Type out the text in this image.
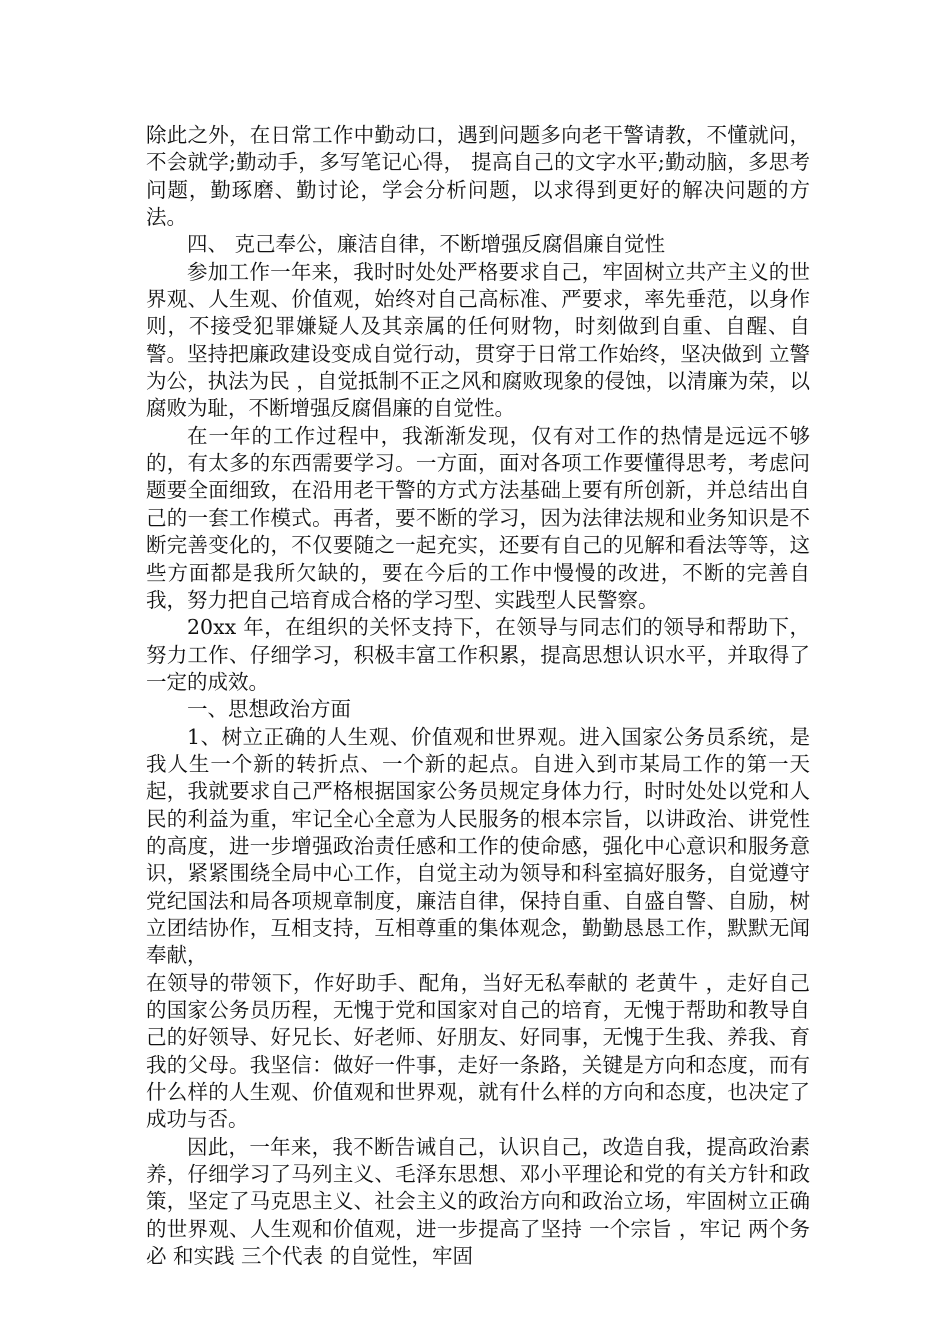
除此之外，在日常工作中勤动口，遇到问题多向老干警请教，不懂就问，不会就学;勤动手，多写笔记心得， 提高自己的文字水平;勤动脑，多思考问题，勤琢磨、勤讨论，学会分析问题，以求得到更好的解决问题的方法。

四、 克己奉公，廉洁自律，不断增强反腐倡廉自觉性

参加工作一年来，我时时处处严格要求自己，牢固树立共产主义的世界观、人生观、价值观，始终对自己高标准、严要求，率先垂范，以身作则，不接受犯罪嫌疑人及其亲属的任何财物，时刻做到自重、自醒、自警。坚持把廉政建设变成自觉行动，贯穿于日常工作始终，坚决做到 立警为公，执法为民 ，自觉抵制不正之风和腐败现象的侵蚀，以清廉为荣，以腐败为耻，不断增强反腐倡廉的自觉性。

在一年的工作过程中，我渐渐发现，仅有对工作的热情是远远不够的，有太多的东西需要学习。一方面，面对各项工作要懂得思考，考虑问题要全面细致，在沿用老干警的方式方法基础上要有所创新，并总结出自己的一套工作模式。再者，要不断的学习，因为法律法规和业务知识是不断完善变化的，不仅要随之一起充实，还要有自己的见解和看法等等，这些方面都是我所欠缺的，要在今后的工作中慢慢的改进，不断的完善自我，努力把自己培育成合格的学习型、实践型人民警察。

20xx 年，在组织的关怀支持下，在领导与同志们的领导和帮助下，努力工作、仔细学习，积极丰富工作积累，提高思想认识水平，并取得了一定的成效。

一、思想政治方面

1、树立正确的人生观、价值观和世界观。进入国家公务员系统，是我人生一个新的转折点、一个新的起点。自进入到市某局工作的第一天起，我就要求自己严格根据国家公务员规定身体力行，时时处处以党和人民的利益为重，牢记全心全意为人民服务的根本宗旨，以讲政治、讲党性的高度，进一步增强政治责任感和工作的使命感，强化中心意识和服务意识，紧紧围绕全局中心工作，自觉主动为领导和科室搞好服务，自觉遵守党纪国法和局各项规章制度，廉洁自律，保持自重、自盛自警、自励，树立团结协作，互相支持，互相尊重的集体观念，勤勤恳恳工作，默默无闻奉献，

在领导的带领下，作好助手、配角，当好无私奉献的 老黄牛 ，走好自己的国家公务员历程，无愧于党和国家对自己的培育，无愧于帮助和教导自己的好领导、好兄长、好老师、好朋友、好同事，无愧于生我、养我、育我的父母。我坚信：做好一件事，走好一条路，关键是方向和态度，而有什么样的人生观、价值观和世界观，就有什么样的方向和态度，也决定了成功与否。

因此，一年来，我不断告诫自己，认识自己，改造自我，提高政治素养，仔细学习了马列主义、毛泽东思想、邓小平理论和党的有关方针和政策，坚定了马克思主义、社会主义的政治方向和政治立场，牢固树立正确的世界观、人生观和价值观，进一步提高了坚持 一个宗旨 ，牢记 两个务必 和实践 三个代表 的自觉性，牢固
